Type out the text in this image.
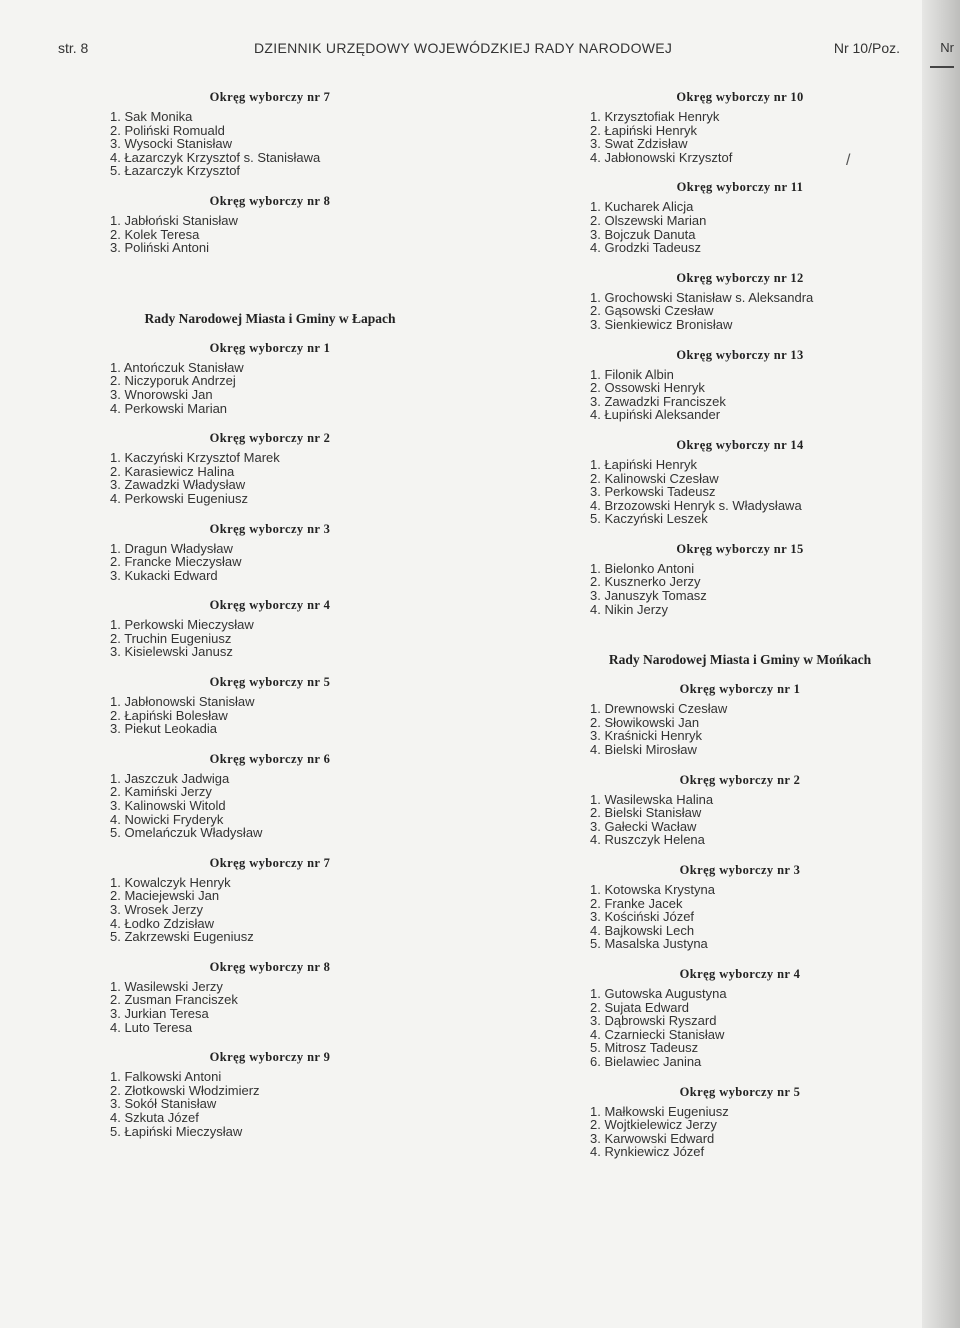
Nr
str. 8	DZIENNIK URZĘDOWY WOJEWÓDZKIEJ RADY NARODOWEJ	Nr 10/Poz.
Okręg wyborczy nr 7
1. Sak Monika
2. Poliński Romuald
3. Wysocki Stanisław
4. Łazarczyk Krzysztof s. Stanisława
5. Łazarczyk Krzysztof
Okręg wyborczy nr 8
1. Jabłoński Stanisław
2. Kolek Teresa
3. Poliński Antoni
Rady Narodowej Miasta i Gminy w Łapach
Okręg wyborczy nr 1
1. Antończuk Stanisław
2. Niczyporuk Andrzej
3. Wnorowski Jan
4. Perkowski Marian
Okręg wyborczy nr 2
1. Kaczyński Krzysztof Marek
2. Karasiewicz Halina
3. Zawadzki Władysław
4. Perkowski Eugeniusz
Okręg wyborczy nr 3
1. Dragun Władysław
2. Francke Mieczysław
3. Kukacki Edward
Okręg wyborczy nr 4
1. Perkowski Mieczysław
2. Truchin Eugeniusz
3. Kisielewski Janusz
Okręg wyborczy nr 5
1. Jabłonowski Stanisław
2. Łapiński Bolesław
3. Piekut Leokadia
Okręg wyborczy nr 6
1. Jaszczuk Jadwiga
2. Kamiński Jerzy
3. Kalinowski Witold
4. Nowicki Fryderyk
5. Omelańczuk Władysław
Okręg wyborczy nr 7
1. Kowalczyk Henryk
2. Maciejewski Jan
3. Wrosek Jerzy
4. Łodko Zdzisław
5. Zakrzewski Eugeniusz
Okręg wyborczy nr 8
1. Wasilewski Jerzy
2. Zusman Franciszek
3. Jurkian Teresa
4. Luto Teresa
Okręg wyborczy nr 9
1. Falkowski Antoni
2. Złotkowski Włodzimierz
3. Sokół Stanisław
4. Szkuta Józef
5. Łapiński Mieczysław
Okręg wyborczy nr 10
1. Krzysztofiak Henryk
2. Łapiński Henryk
3. Swat Zdzisław
4. Jabłonowski Krzysztof
Okręg wyborczy nr 11
1. Kucharek Alicja
2. Olszewski Marian
3. Bojczuk Danuta
4. Grodzki Tadeusz
Okręg wyborczy nr 12
1. Grochowski Stanisław s. Aleksandra
2. Gąsowski Czesław
3. Sienkiewicz Bronisław
Okręg wyborczy nr 13
1. Filonik Albin
2. Ossowski Henryk
3. Zawadzki Franciszek
4. Łupiński Aleksander
Okręg wyborczy nr 14
1. Łapiński Henryk
2. Kalinowski Czesław
3. Perkowski Tadeusz
4. Brzozowski Henryk s. Władysława
5. Kaczyński Leszek
Okręg wyborczy nr 15
1. Bielonko Antoni
2. Kusznerko Jerzy
3. Januszyk Tomasz
4. Nikin Jerzy
Rady Narodowej Miasta i Gminy w Mońkach
Okręg wyborczy nr 1
1. Drewnowski Czesław
2. Słowikowski Jan
3. Kraśnicki Henryk
4. Bielski Mirosław
Okręg wyborczy nr 2
1. Wasilewska Halina
2. Bielski Stanisław
3. Gałecki Wacław
4. Ruszczyk Helena
Okręg wyborczy nr 3
1. Kotowska Krystyna
2. Franke Jacek
3. Kościński Józef
4. Bajkowski Lech
5. Masalska Justyna
Okręg wyborczy nr 4
1. Gutowska Augustyna
2. Sujata Edward
3. Dąbrowski Ryszard
4. Czarniecki Stanisław
5. Mitrosz Tadeusz
6. Bielawiec Janina
Okręg wyborczy nr 5
1. Małkowski Eugeniusz
2. Wojtkielewicz Jerzy
3. Karwowski Edward
4. Rynkiewicz Józef
/
